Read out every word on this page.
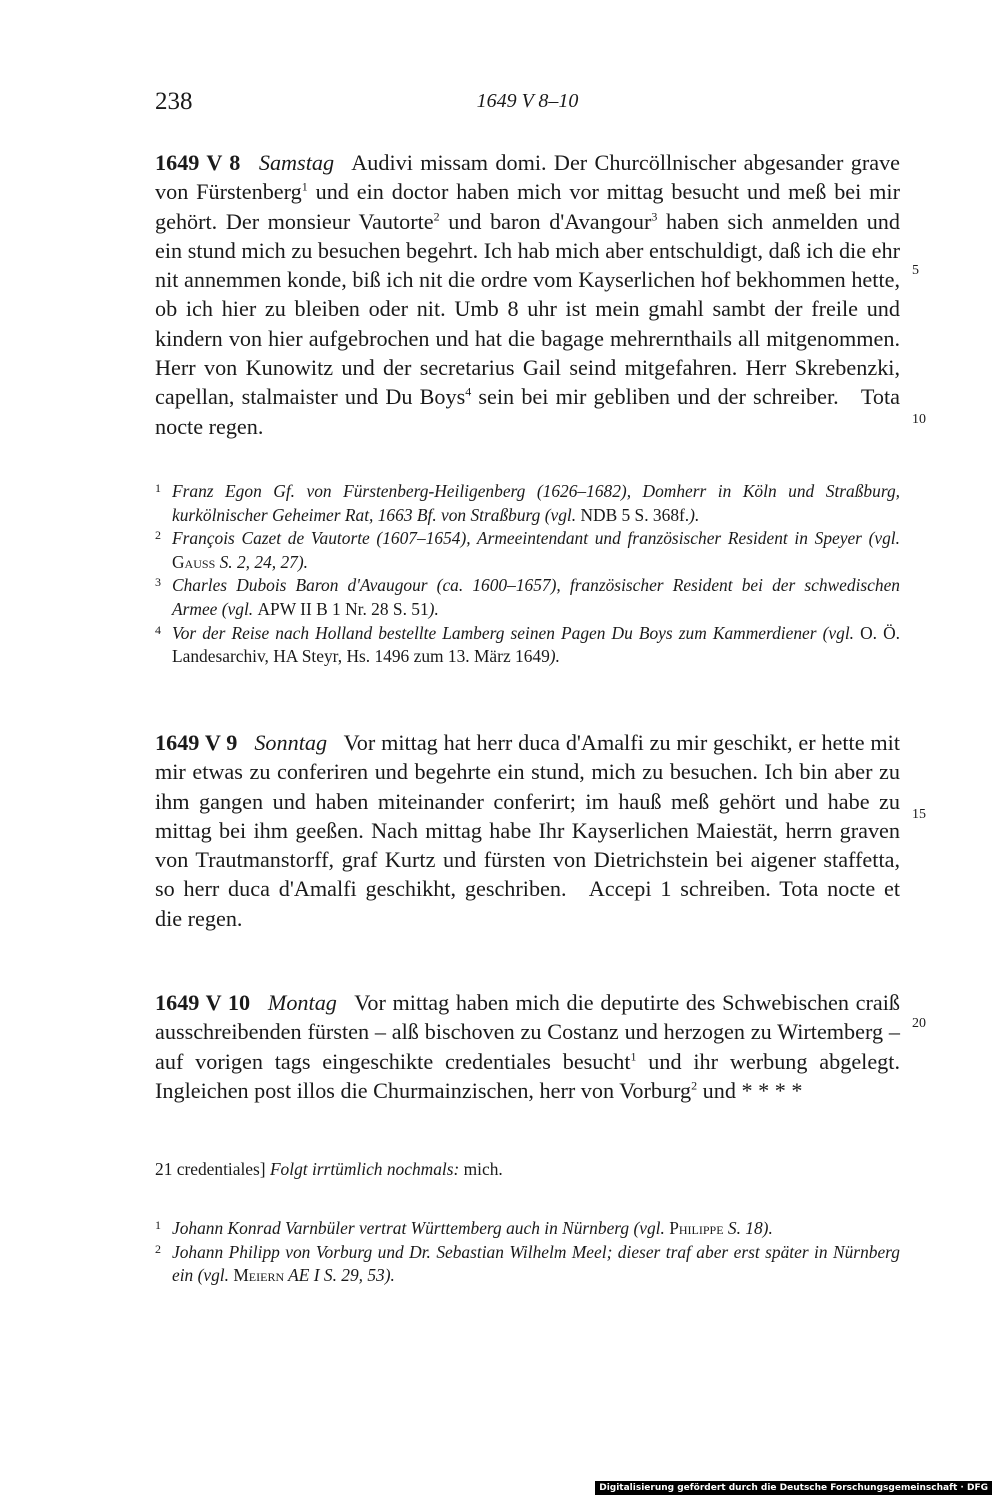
238	1649 V 8–10

1649 V 8  Samstag  Audivi missam domi. Der Churcöllnischer abgesander grave von Fürstenberg$^1$ und ein doctor haben mich vor mittag besucht und meß bei mir gehört. Der monsieur Vautorte$^2$ und baron d'Avangour$^3$ haben sich anmelden und ein stund mich zu besuchen begehrt. Ich hab mich aber entschuldigt, daß ich die ehr nit annemmen konde, biß ich nit die ordre vom Kayserlichen hof bekhommen hette, ob ich hier zu bleiben oder nit. Umb 8 uhr ist mein gmahl sambt der freile und kindern von hier aufgebrochen und hat die bagage mehrernthails all mitgenommen. Herr von Kunowitz und der secretarius Gail seind mitgefahren. Herr Skrebenzki, capellan, stalmaister und Du Boys$^4$ sein bei mir gebliben und der schreiber. Tota nocte regen.

5
10

1 Franz Egon Gf. von Fürstenberg-Heiligenberg (1626–1682), Domherr in Köln und Straßburg, kurkölnischer Geheimer Rat, 1663 Bf. von Straßburg (vgl. NDB 5 S. 368f.).

2 François Cazet de Vautorte (1607–1654), Armeeintendant und französischer Resident in Speyer (vgl. Gauss S. 2, 24, 27).

3 Charles Dubois Baron d'Avaugour (ca. 1600–1657), französischer Resident bei der schwedischen Armee (vgl. APW II B 1 Nr. 28 S. 51).

4 Vor der Reise nach Holland bestellte Lamberg seinen Pagen Du Boys zum Kammerdiener (vgl. O. Ö. Landesarchiv, HA Steyr, Hs. 1496 zum 13. März 1649).

1649 V 9  Sonntag  Vor mittag hat herr duca d'Amalfi zu mir geschikt, er hette mit mir etwas zu conferiren und begehrte ein stund, mich zu besuchen. Ich bin aber zu ihm gangen und haben miteinander conferirt; im hauß meß gehört und habe zu mittag bei ihm geeßen. Nach mittag habe Ihr Kayserlichen Maiestät, herrn graven von Trautmanstorff, graf Kurtz und fürsten von Dietrichstein bei aigener staffetta, so herr duca d'Amalfi geschikht, geschriben. Accepi 1 schreiben. Tota nocte et die regen.

15

1649 V 10  Montag  Vor mittag haben mich die deputirte des Schwebischen craiß ausschreibenden fürsten – alß bischoven zu Costanz und herzogen zu Wirtemberg – auf vorigen tags eingeschikte credentiales besucht$^1$ und ihr werbung abgelegt. Ingleichen post illos die Churmainzischen, herr von Vorburg$^2$ und * * * *

20
21 credentiales] Folgt irrtümlich nochmals: mich.

1 Johann Konrad Varnbüler vertrat Württemberg auch in Nürnberg (vgl. Philippe S. 18).

2 Johann Philipp von Vorburg und Dr. Sebastian Wilhelm Meel; dieser traf aber erst später in Nürnberg ein (vgl. Meiern AE I S. 29, 53).

Digitalisierung gefördert durch die Deutsche Forschungsgemeinschaft · DFG
